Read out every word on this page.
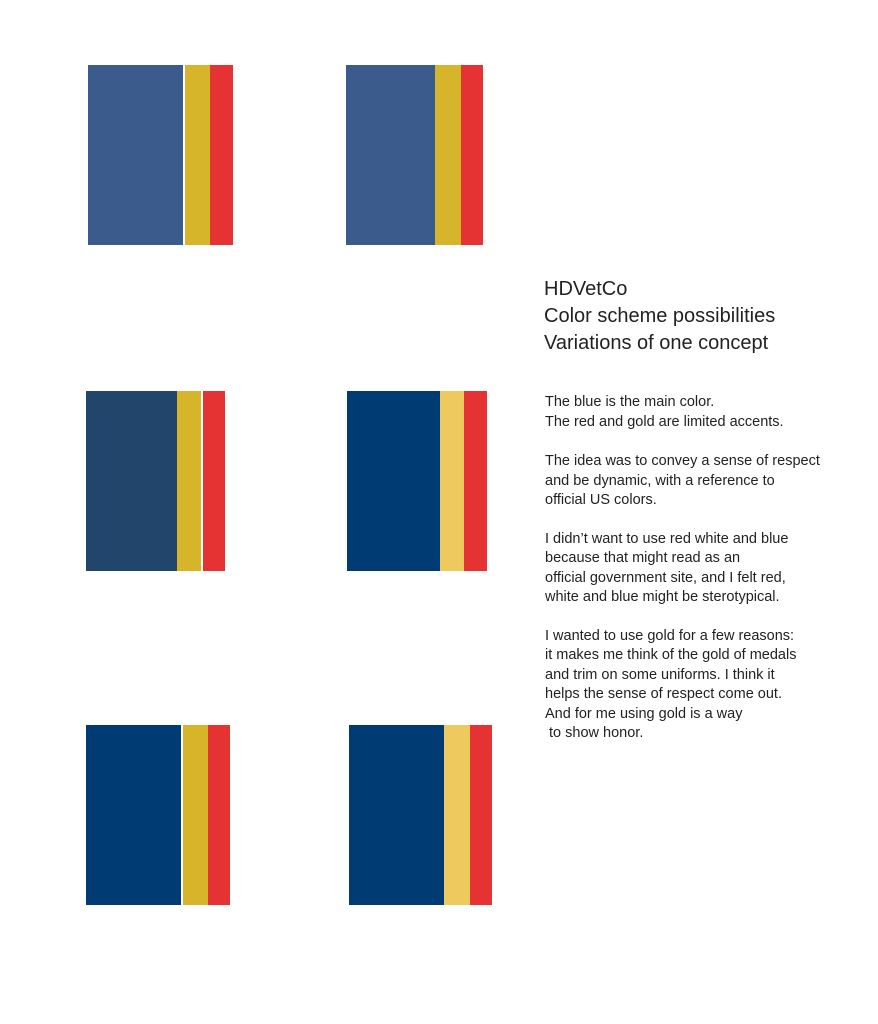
HDVetCo
Color scheme possibilities
Variations of one concept

The blue is the main color.
The red and gold are limited accents.

The idea was to convey a sense of respect
and be dynamic, with a reference to
official US colors.

I didn’t want to use red white and blue
because that might read as an
official government site, and I felt red,
white and blue might be sterotypical.

I wanted to use gold for a few reasons:
it makes me think of the gold of medals
and trim on some uniforms. I think it
helps the sense of respect come out.
And for me using gold is a way
to show honor.
